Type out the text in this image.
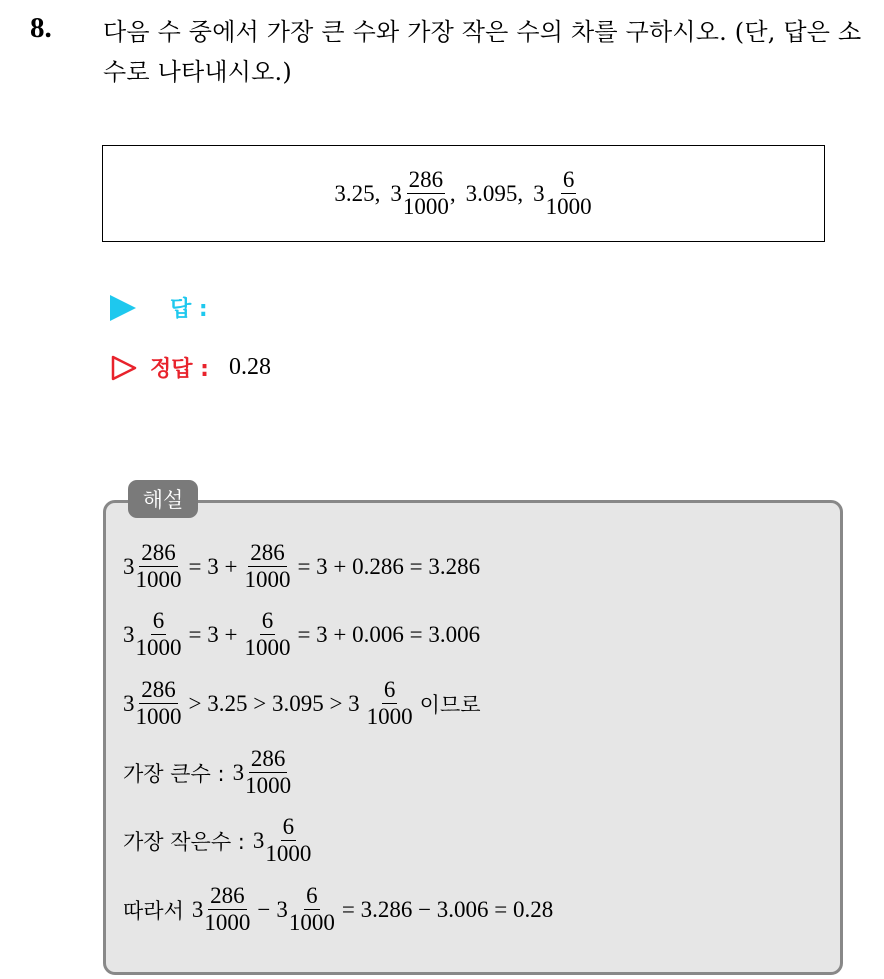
8. 다음 수 중에서 가장 큰 수와 가장 작은 수의 차를 구하시오. (단, 답은 소수로 나타내시오.)
3.25, $3 \frac{286}{1000}$ , 3.095, $3 \frac{6}{1000}$
답 :
정답 : 0.28
해설
$3 \frac{286}{1000} = 3 + \frac{286}{1000} = 3 + 0.286 = 3.286$
$3 \frac{6}{1000} = 3 + \frac{6}{1000} = 3 + 0.006 = 3.006$
$3 \frac{286}{1000} > 3.25 > 3.095 > 3 \frac{6}{1000}$ 이므로
가장 큰수 : $3 \frac{286}{1000}$
가장 작은수 : $3 \frac{6}{1000}$
따라서 $3 \frac{286}{1000} - 3 \frac{6}{1000} = 3.286 - 3.006 = 0.28$
